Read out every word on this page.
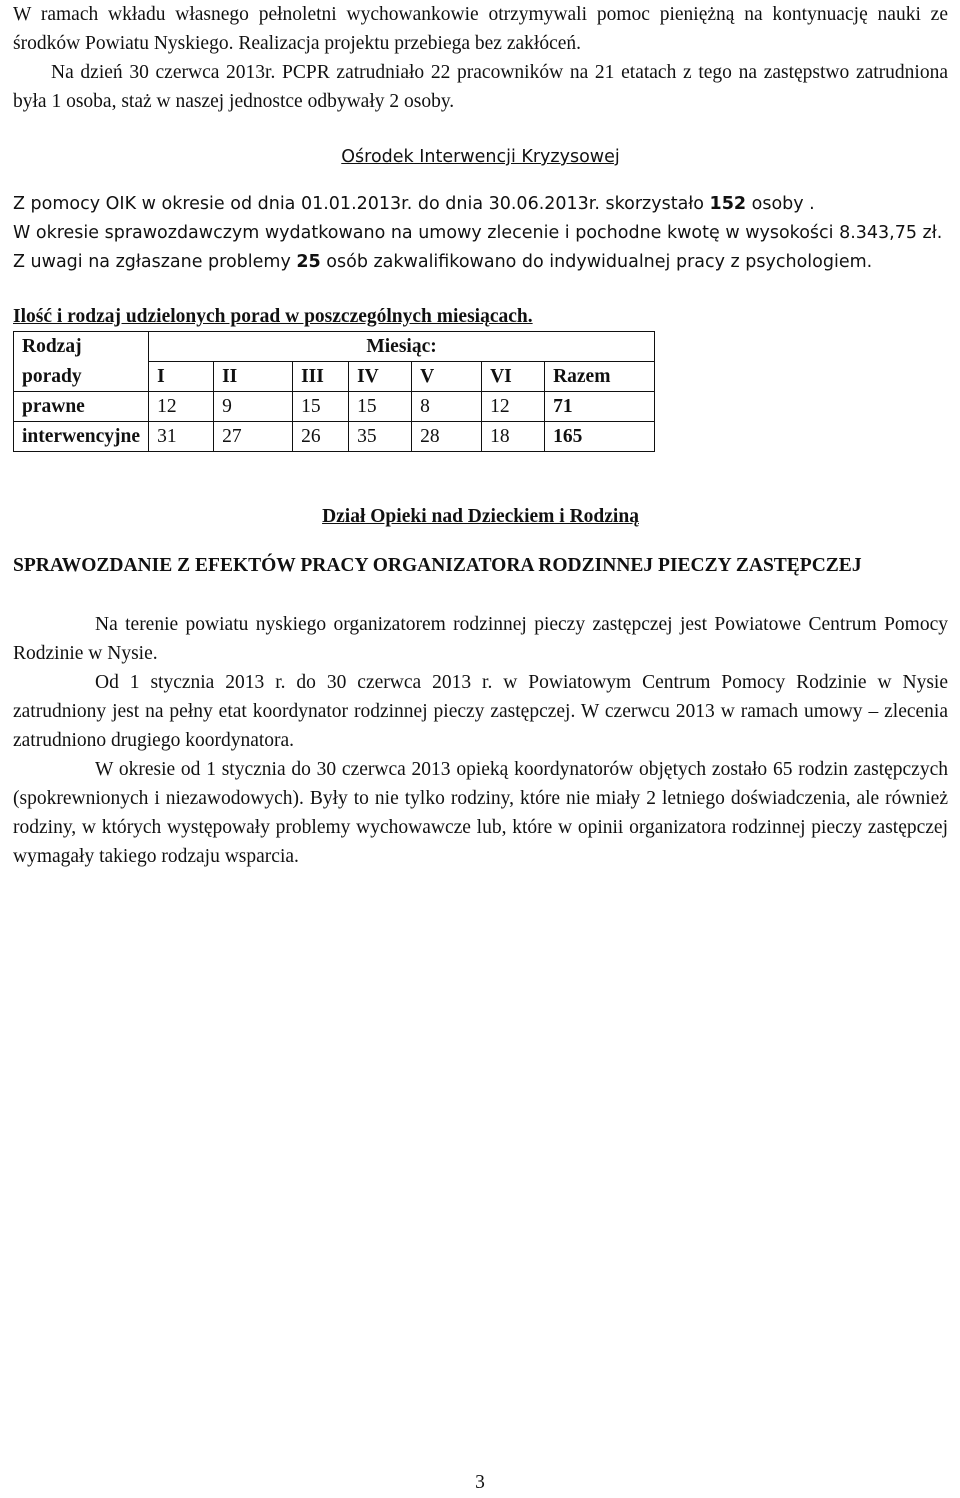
W ramach wkładu własnego pełnoletni wychowankowie otrzymywali pomoc pieniężną na kontynuację nauki ze środków Powiatu Nyskiego. Realizacja projektu przebiega bez zakłóceń.

Na dzień 30 czerwca 2013r. PCPR zatrudniało 22 pracowników na 21 etatach z tego na zastępstwo zatrudniona była 1 osoba, staż w naszej jednostce odbywały 2 osoby.

Ośrodek Interwencji Kryzysowej

Z pomocy OIK w okresie od dnia 01.01.2013r. do dnia 30.06.2013r. skorzystało 152 osoby .

W okresie sprawozdawczym wydatkowano na umowy zlecenie i pochodne kwotę w wysokości 8.343,75 zł.

Z uwagi na zgłaszane problemy 25 osób zakwalifikowano do indywidualnej pracy z psychologiem.

Ilość i rodzaj udzielonych porad w poszczególnych miesiącach.

Rodzaj	Miesiąc:						
porady	I	II	III	IV	V	VI	Razem
prawne	12	9	15	15	8	12	71
interwencyjne	31	27	26	35	28	18	165

Dział Opieki nad Dzieckiem i Rodziną

SPRAWOZDANIE Z EFEKTÓW PRACY ORGANIZATORA RODZINNEJ PIECZY ZASTĘPCZEJ

Na terenie powiatu nyskiego organizatorem rodzinnej pieczy zastępczej jest Powiatowe Centrum Pomocy Rodzinie w Nysie.

Od 1 stycznia 2013 r. do 30 czerwca 2013 r. w Powiatowym Centrum Pomocy Rodzinie w Nysie zatrudniony jest na pełny etat koordynator rodzinnej pieczy zastępczej. W czerwcu 2013 w ramach umowy – zlecenia zatrudniono drugiego koordynatora.

W okresie od 1 stycznia do 30 czerwca 2013 opieką koordynatorów objętych zostało 65 rodzin zastępczych (spokrewnionych i niezawodowych). Były to nie tylko rodziny, które nie miały 2 letniego doświadczenia, ale również rodziny, w których występowały problemy wychowawcze lub, które w opinii organizatora rodzinnej pieczy zastępczej wymagały takiego rodzaju wsparcia.

3
